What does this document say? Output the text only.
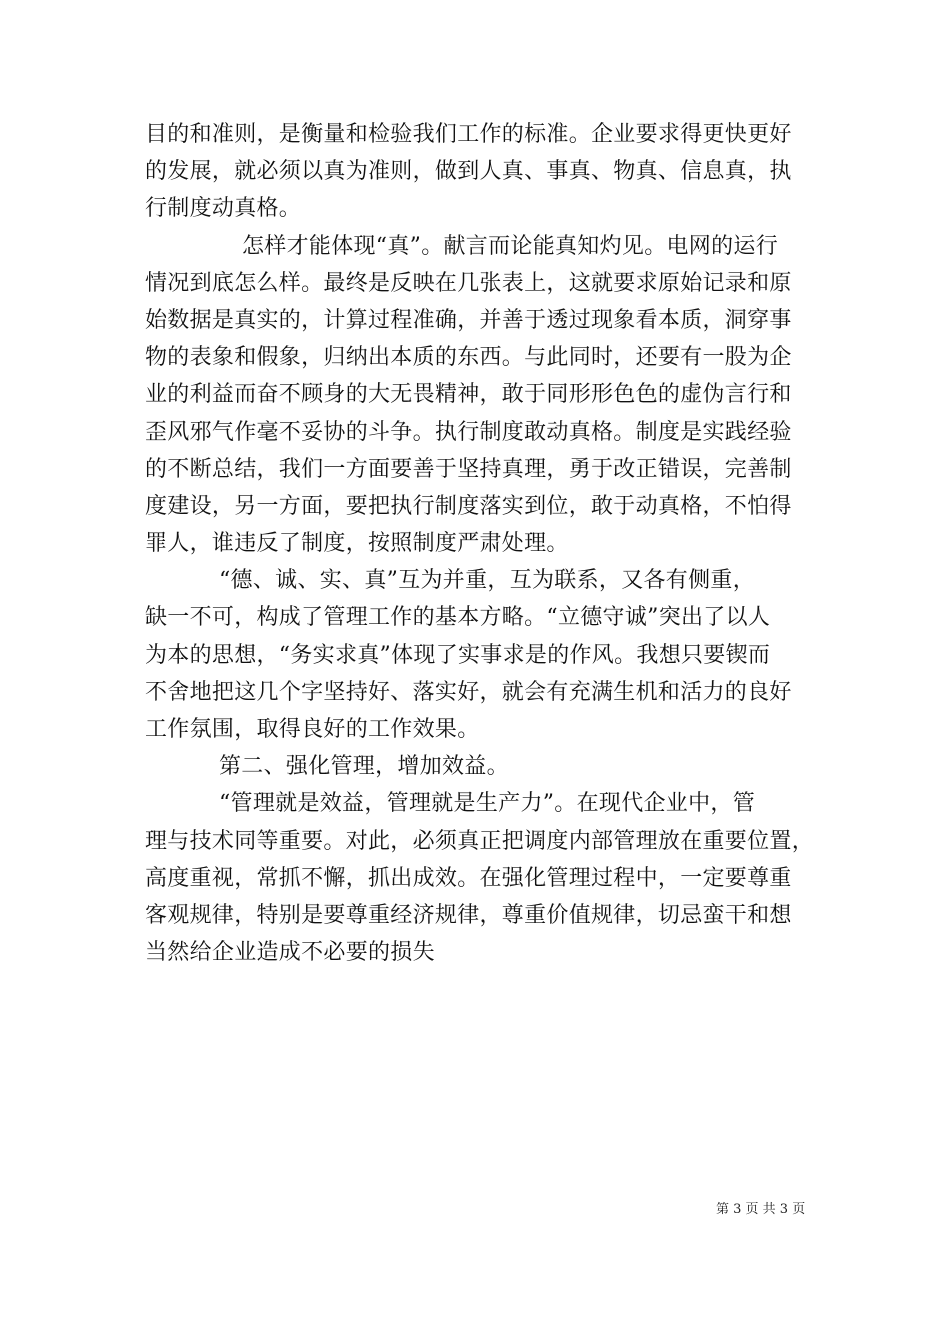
目的和准则，是衡量和检验我们工作的标准。企业要求得更快更好
的发展，就必须以真为准则，做到人真、事真、物真、信息真，执
行制度动真格。
怎样才能体现“真”。献言而论能真知灼见。电网的运行
情况到底怎么样。最终是反映在几张表上，这就要求原始记录和原
始数据是真实的，计算过程准确，并善于透过现象看本质，洞穿事
物的表象和假象，归纳出本质的东西。与此同时，还要有一股为企
业的利益而奋不顾身的大无畏精神，敢于同形形色色的虚伪言行和
歪风邪气作毫不妥协的斗争。执行制度敢动真格。制度是实践经验
的不断总结，我们一方面要善于坚持真理，勇于改正错误，完善制
度建设，另一方面，要把执行制度落实到位，敢于动真格，不怕得
罪人，谁违反了制度，按照制度严肃处理。
“德、诚、实、真”互为并重，互为联系，又各有侧重，
缺一不可，构成了管理工作的基本方略。“立德守诚”突出了以人
为本的思想，“务实求真”体现了实事求是的作风。我想只要锲而
不舍地把这几个字坚持好、落实好，就会有充满生机和活力的良好
工作氛围，取得良好的工作效果。
第二、强化管理，增加效益。
“管理就是效益，管理就是生产力”。在现代企业中，管
理与技术同等重要。对此，必须真正把调度内部管理放在重要位置，
高度重视，常抓不懈，抓出成效。在强化管理过程中，一定要尊重
客观规律，特别是要尊重经济规律，尊重价值规律，切忌蛮干和想
当然给企业造成不必要的损失
第 3 页 共 3 页
